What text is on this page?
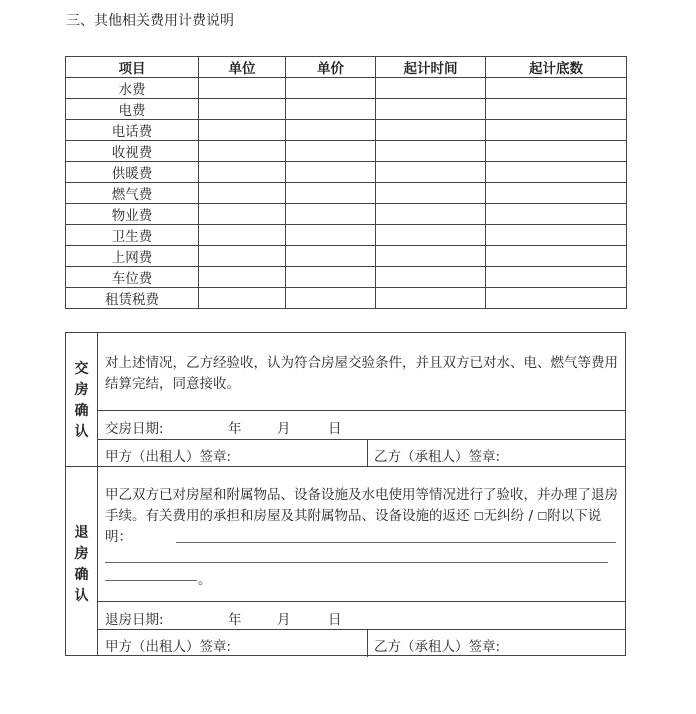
三、其他相关费用计费说明
项目	单位	单价	起计时间	起计底数
水费				
电费				
电话费				
收视费				
供暖费				
燃气费				
物业费				
卫生费				
上网费				
车位费				
租赁税费				
交
房
确
认
对上述情况，乙方经验收，认为符合房屋交验条件，并且双方已对水、电、燃气等费用结算完结，同意接收。
交房日期:	年	月	日
甲方（出租人）签章:	乙方（承租人）签章:
退
房
确
认
甲乙双方已对房屋和附属物品、设备设施及水电使用等情况进行了验收，并办理了退房手续。有关费用的承担和房屋及其附属物品、设备设施的返还 ☐无纠纷 / ☐附以下说明：
。
退房日期:	年	月	日
甲方（出租人）签章:	乙方（承租人）签章:
